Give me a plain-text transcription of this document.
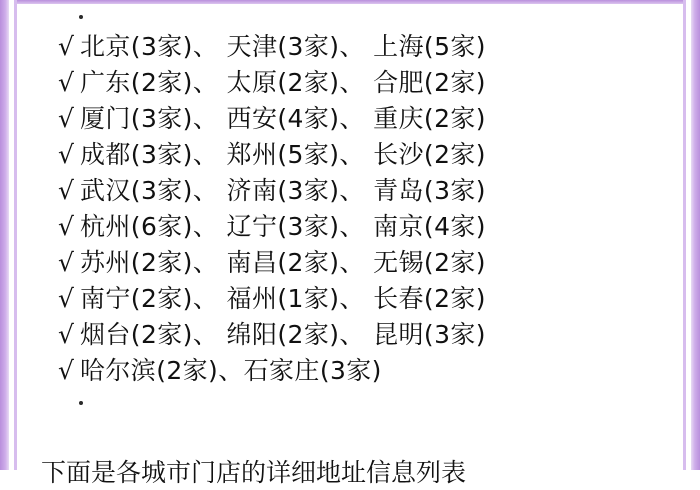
√ 北京(3家)、 天津(3家)、 上海(5家)
√ 广东(2家)、 太原(2家)、 合肥(2家)
√ 厦门(3家)、 西安(4家)、 重庆(2家)
√ 成都(3家)、 郑州(5家)、 长沙(2家)
√ 武汉(3家)、 济南(3家)、 青岛(3家)
√ 杭州(6家)、 辽宁(3家)、 南京(4家)
√ 苏州(2家)、 南昌(2家)、 无锡(2家)
√ 南宁(2家)、 福州(1家)、 长春(2家)
√ 烟台(2家)、 绵阳(2家)、 昆明(3家)
√ 哈尔滨(2家)、石家庄(3家)
下面是各城市门店的详细地址信息列表
